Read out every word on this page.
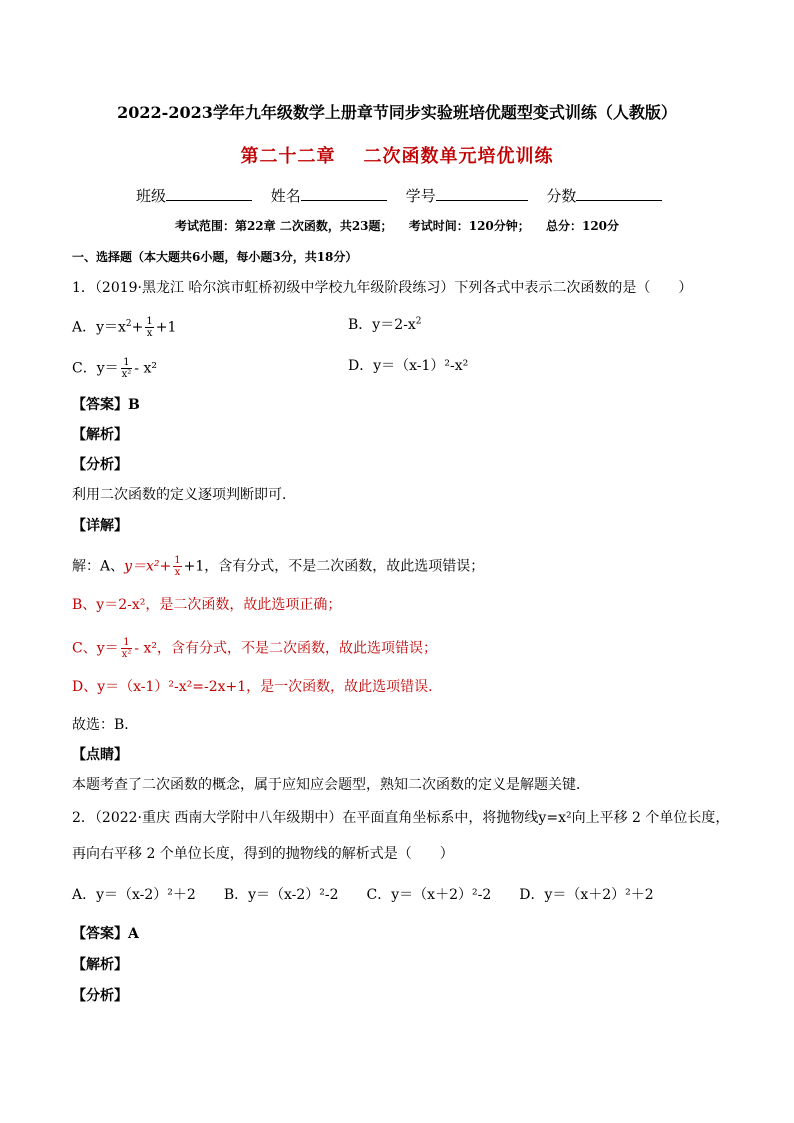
2022-2023学年九年级数学上册章节同步实验班培优题型变式训练（人教版）
第二十二章 二次函数单元培优训练
班级	姓名	学号	分数
考试范围：第22章 二次函数，共23题； 考试时间：120分钟； 总分：120分
一、选择题（本大题共6小题，每小题3分，共18分）
1．（2019·黑龙江 哈尔滨市虹桥初级中学校九年级阶段练习）下列各式中表示二次函数的是（　　）
A．$y=x^2+ \frac{1}{x} +1$	B．$y=2-x^2$
C．$y= \frac{1}{\text{x²}} - x^2$	D．y＝（x-1）²-x²
【答案】B
【解析】
【分析】
利用二次函数的定义逐项判断即可．
【详解】
解：A、$y=x^2+ \frac{1}{x} +1$，含有分式，不是二次函数，故此选项错误；
B、y＝2-x²，是二次函数，故此选项正确；
C、$y= \frac{1}{\text{x²}} - x^2$，含有分式，不是二次函数，故此选项错误；
D、y＝（x-1）²-x²=-2x+1，是一次函数，故此选项错误．
故选：B．
【点睛】
本题考查了二次函数的概念，属于应知应会题型，熟知二次函数的定义是解题关键．
2．（2022·重庆 西南大学附中八年级期中）在平面直角坐标系中，将抛物线y=x²向上平移 2 个单位长度，
再向右平移 2 个单位长度，得到的抛物线的解析式是（　　）
A．y＝（x-2）²＋2　　B．y＝（x-2）²-2　　C．y＝（x＋2）²-2　　D．y＝（x＋2）²＋2
【答案】A
【解析】
【分析】
